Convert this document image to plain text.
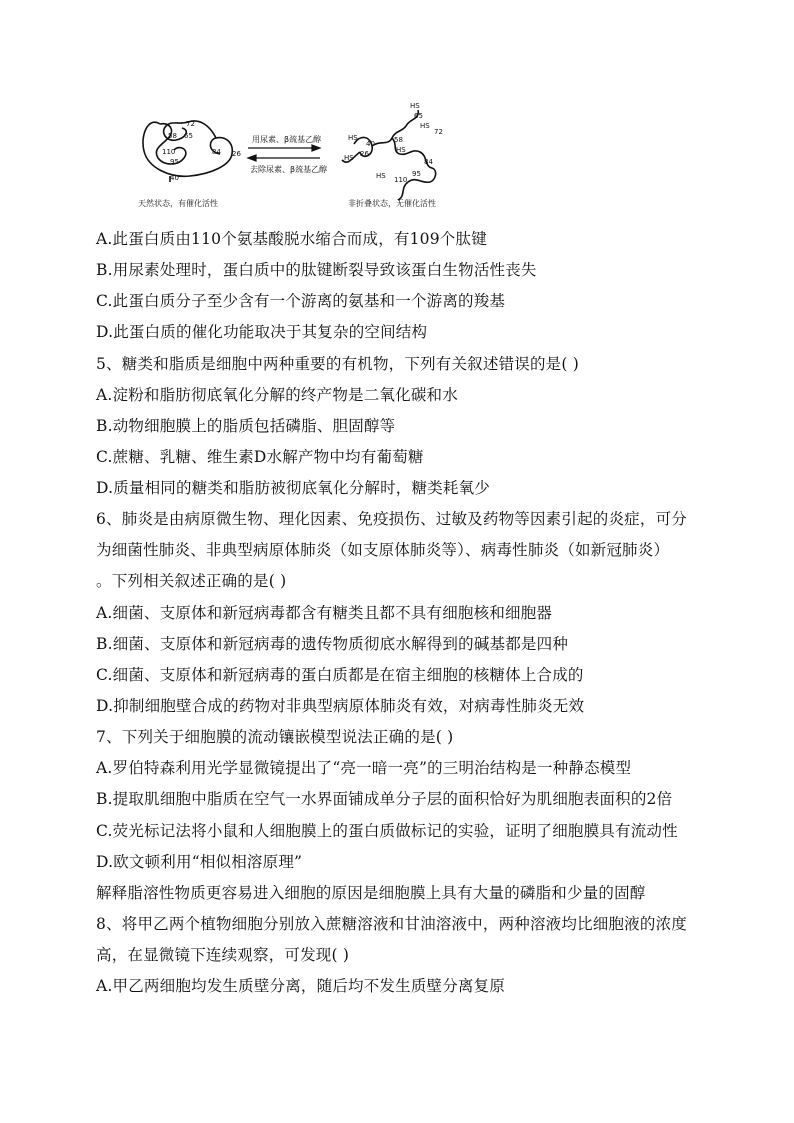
72
58 65
110	84 26
95
40
天然状态，有催化活性
用尿素、β巯基乙醇
去除尿素、β巯基乙醇
HS
65
HS
72
HS	58
40
HS
HS 26
84
95
HS 110
非折叠状态，无催化活性
A.此蛋白质由110个氨基酸脱水缩合而成，有109个肽键
B.用尿素处理时，蛋白质中的肽键断裂导致该蛋白生物活性丧失
C.此蛋白质分子至少含有一个游离的氨基和一个游离的羧基
D.此蛋白质的催化功能取决于其复杂的空间结构
5、糖类和脂质是细胞中两种重要的有机物，下列有关叙述错误的是( )
A.淀粉和脂肪彻底氧化分解的终产物是二氧化碳和水
B.动物细胞膜上的脂质包括磷脂、胆固醇等
C.蔗糖、乳糖、维生素D水解产物中均有葡萄糖
D.质量相同的糖类和脂肪被彻底氧化分解时，糖类耗氧少
6、肺炎是由病原微生物、理化因素、免疫损伤、过敏及药物等因素引起的炎症，可分
为细菌性肺炎、非典型病原体肺炎（如支原体肺炎等）、病毒性肺炎（如新冠肺炎）
。下列相关叙述正确的是( )
A.细菌、支原体和新冠病毒都含有糖类且都不具有细胞核和细胞器
B.细菌、支原体和新冠病毒的遗传物质彻底水解得到的碱基都是四种
C.细菌、支原体和新冠病毒的蛋白质都是在宿主细胞的核糖体上合成的
D.抑制细胞壁合成的药物对非典型病原体肺炎有效，对病毒性肺炎无效
7、下列关于细胞膜的流动镶嵌模型说法正确的是( )
A.罗伯特森利用光学显微镜提出了“亮一暗一亮”的三明治结构是一种静态模型
B.提取肌细胞中脂质在空气一水界面铺成单分子层的面积恰好为肌细胞表面积的2倍
C.荧光标记法将小鼠和人细胞膜上的蛋白质做标记的实验，证明了细胞膜具有流动性
D.欧文顿利用“相似相溶原理”
解释脂溶性物质更容易进入细胞的原因是细胞膜上具有大量的磷脂和少量的固醇
8、将甲乙两个植物细胞分别放入蔗糖溶液和甘油溶液中，两种溶液均比细胞液的浓度
高，在显微镜下连续观察，可发现( )
A.甲乙两细胞均发生质壁分离，随后均不发生质壁分离复原
